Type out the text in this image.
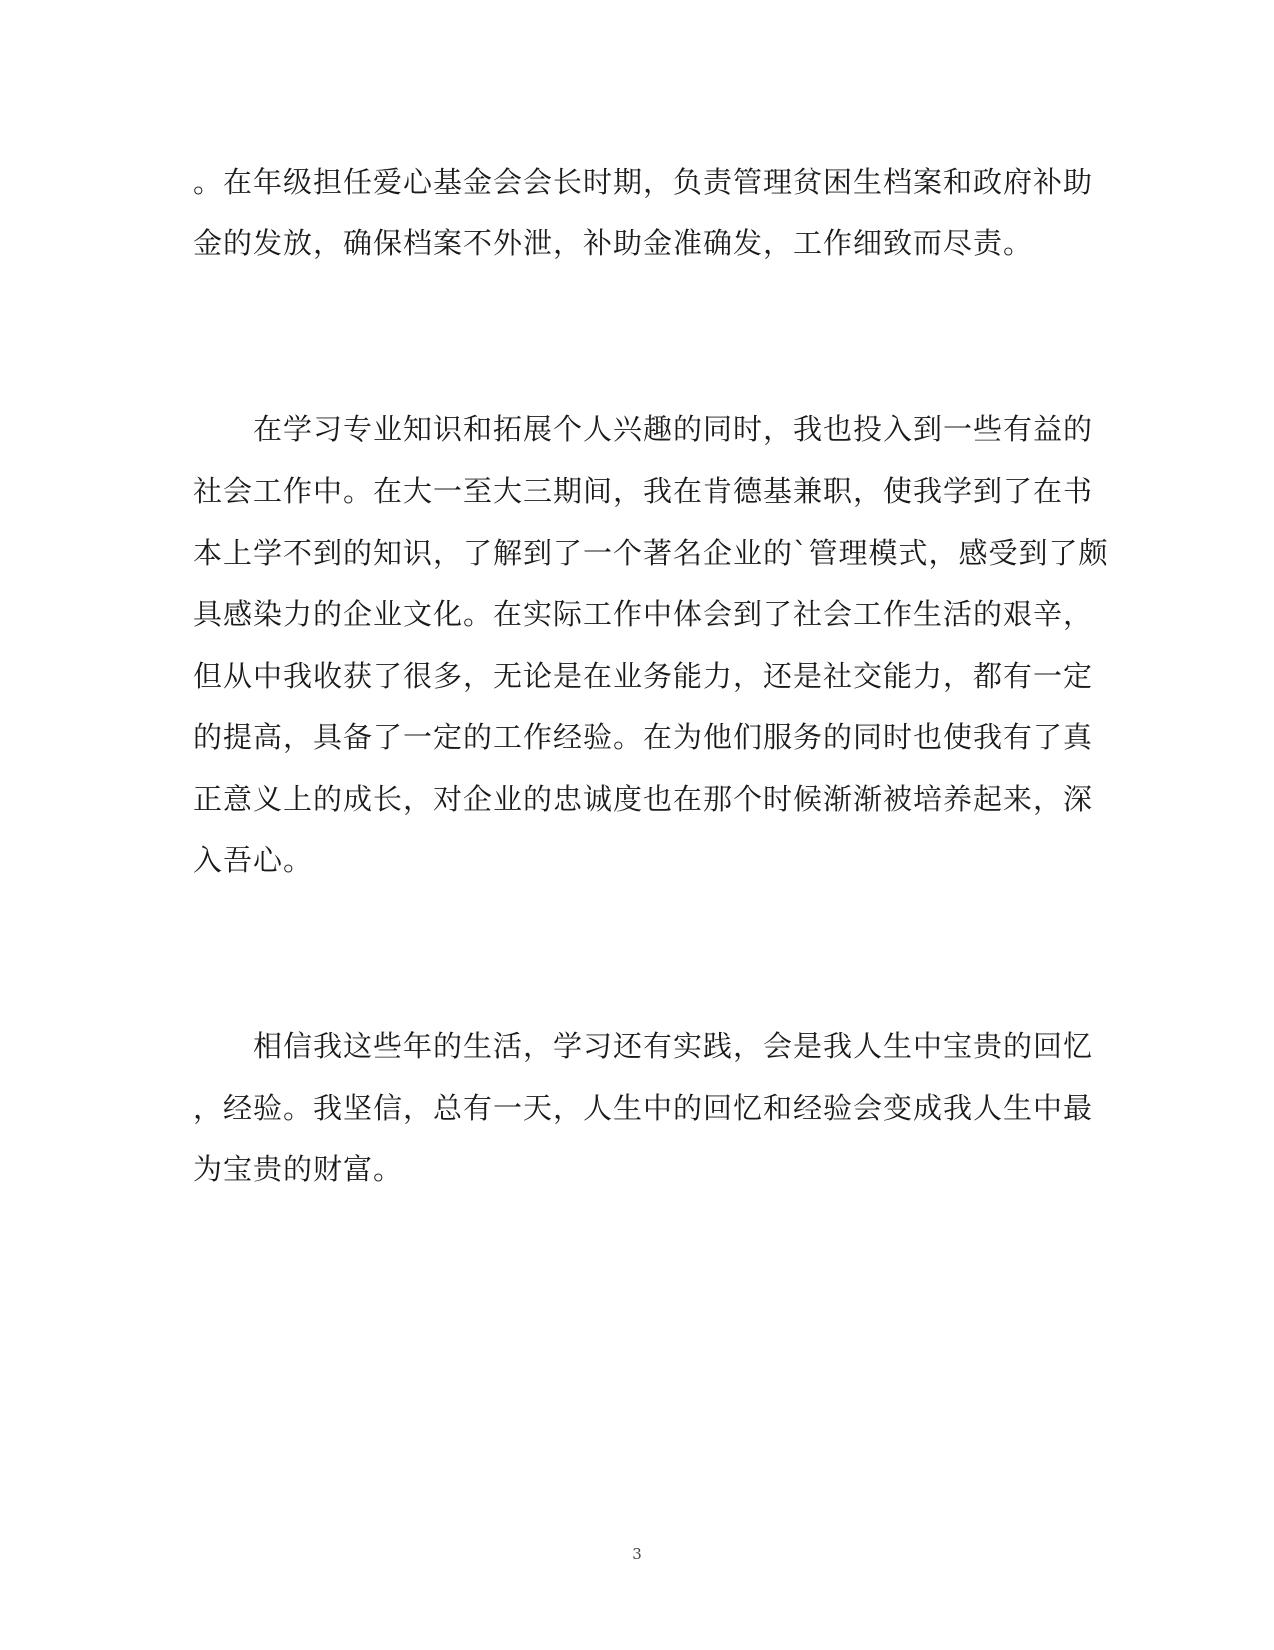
。在年级担任爱心基金会会长时期，负责管理贫困生档案和政府补助
金的发放，确保档案不外泄，补助金准确发，工作细致而尽责。
　　在学习专业知识和拓展个人兴趣的同时，我也投入到一些有益的
社会工作中。在大一至大三期间，我在肯德基兼职，使我学到了在书
本上学不到的知识，了解到了一个著名企业的`管理模式，感受到了颇
具感染力的企业文化。在实际工作中体会到了社会工作生活的艰辛，
但从中我收获了很多，无论是在业务能力，还是社交能力，都有一定
的提高，具备了一定的工作经验。在为他们服务的同时也使我有了真
正意义上的成长，对企业的忠诚度也在那个时候渐渐被培养起来，深
入吾心。
　　相信我这些年的生活，学习还有实践，会是我人生中宝贵的回忆
，经验。我坚信，总有一天，人生中的回忆和经验会变成我人生中最
为宝贵的财富。
3
